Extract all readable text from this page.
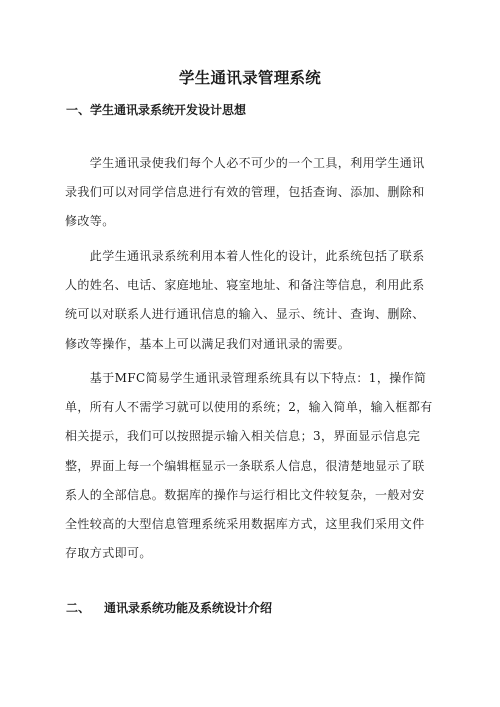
学生通讯录管理系统
一、学生通讯录系统开发设计思想
　　学生通讯录使我们每个人必不可少的一个工具，利用学生通讯
录我们可以对同学信息进行有效的管理，包括查询、添加、删除和
修改等。
　　此学生通讯录系统利用本着人性化的设计，此系统包括了联系
人的姓名、电话、家庭地址、寝室地址、和备注等信息，利用此系
统可以对联系人进行通讯信息的输入、显示、统计、查询、删除、
修改等操作，基本上可以满足我们对通讯录的需要。
　　基于MFC简易学生通讯录管理系统具有以下特点：1，操作简
单，所有人不需学习就可以使用的系统；2，输入简单，输入框都有
相关提示，我们可以按照提示输入相关信息；3，界面显示信息完
整，界面上每一个编辑框显示一条联系人信息，很清楚地显示了联
系人的全部信息。数据库的操作与运行相比文件较复杂，一般对安
全性较高的大型信息管理系统采用数据库方式，这里我们采用文件
存取方式即可。
二、 通讯录系统功能及系统设计介绍
